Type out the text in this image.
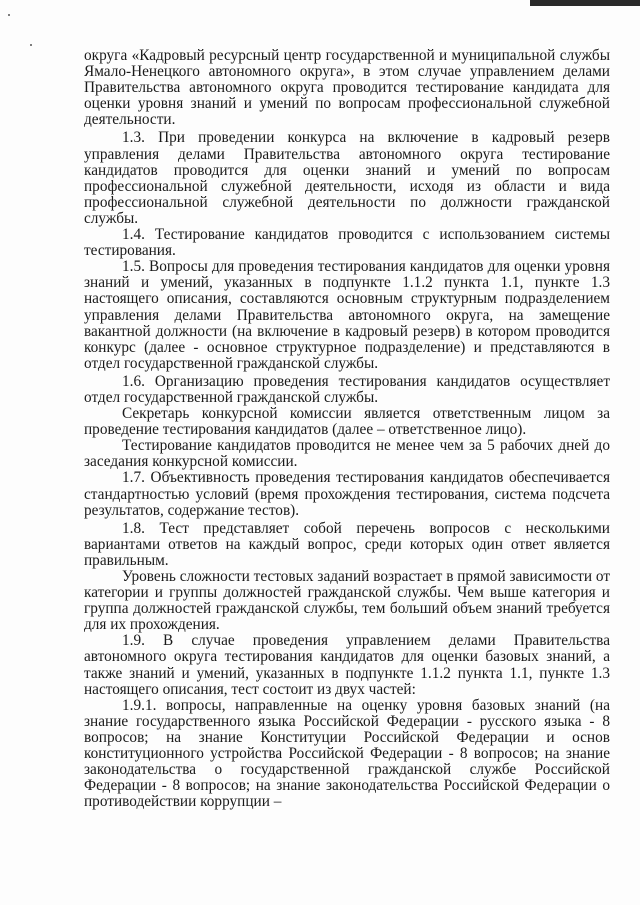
округа «Кадровый ресурсный центр государственной и муниципальной службы Ямало-Ненецкого автономного округа», в этом случае управлением делами Правительства автономного округа проводится тестирование кандидата для оценки уровня знаний и умений по вопросам профессиональной служебной деятельности.

1.3. При проведении конкурса на включение в кадровый резерв управления делами Правительства автономного округа тестирование кандидатов проводится для оценки знаний и умений по вопросам профессиональной служебной деятельности, исходя из области и вида профессиональной служебной деятельности по должности гражданской службы.

1.4. Тестирование кандидатов проводится с использованием системы тестирования.

1.5. Вопросы для проведения тестирования кандидатов для оценки уровня знаний и умений, указанных в подпункте 1.1.2 пункта 1.1, пункте 1.3 настоящего описания, составляются основным структурным подразделением управления делами Правительства автономного округа, на замещение вакантной должности (на включение в кадровый резерв) в котором проводится конкурс (далее - основное структурное подразделение) и представляются в отдел государственной гражданской службы.

1.6. Организацию проведения тестирования кандидатов осуществляет отдел государственной гражданской службы.

Секретарь конкурсной комиссии является ответственным лицом за проведение тестирования кандидатов (далее – ответственное лицо).

Тестирование кандидатов проводится не менее чем за 5 рабочих дней до заседания конкурсной комиссии.

1.7. Объективность проведения тестирования кандидатов обеспечивается стандартностью условий (время прохождения тестирования, система подсчета результатов, содержание тестов).

1.8. Тест представляет собой перечень вопросов с несколькими вариантами ответов на каждый вопрос, среди которых один ответ является правильным.

Уровень сложности тестовых заданий возрастает в прямой зависимости от категории и группы должностей гражданской службы. Чем выше категория и группа должностей гражданской службы, тем больший объем знаний требуется для их прохождения.

1.9. В случае проведения управлением делами Правительства автономного округа тестирования кандидатов для оценки базовых знаний, а также знаний и умений, указанных в подпункте 1.1.2 пункта 1.1, пункте 1.3 настоящего описания, тест состоит из двух частей:

1.9.1. вопросы, направленные на оценку уровня базовых знаний (на знание государственного языка Российской Федерации - русского языка - 8 вопросов; на знание Конституции Российской Федерации и основ конституционного устройства Российской Федерации - 8 вопросов; на знание законодательства о государственной гражданской службе Российской Федерации - 8 вопросов; на знание законодательства Российской Федерации о противодействии коррупции –
